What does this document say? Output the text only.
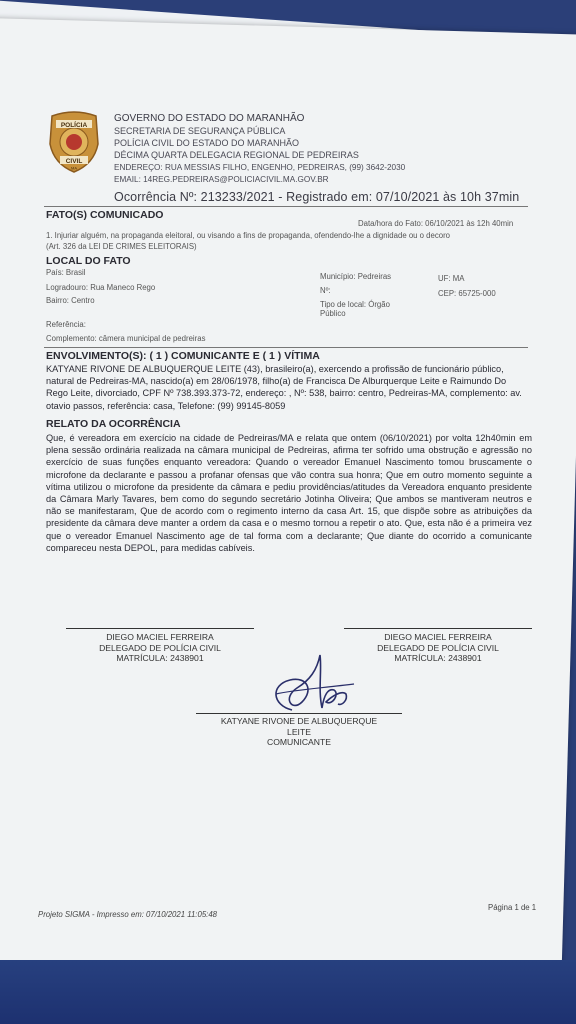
POLÍCIA
CIVIL
MA
GOVERNO DO ESTADO DO MARANHÃO
SECRETARIA DE SEGURANÇA PÚBLICA
POLÍCIA CIVIL DO ESTADO DO MARANHÃO
DÉCIMA QUARTA DELEGACIA REGIONAL DE PEDREIRAS
ENDEREÇO: RUA MESSIAS FILHO, ENGENHO, PEDREIRAS, (99) 3642-2030
EMAIL: 14REG.PEDREIRAS@POLICIACIVIL.MA.GOV.BR
Ocorrência Nº: 213233/2021 - Registrado em: 07/10/2021 às 10h 37min
FATO(S) COMUNICADO
Data/hora do Fato: 06/10/2021 às 12h 40min
1. Injuriar alguém, na propaganda eleitoral, ou visando a fins de propaganda, ofendendo-lhe a dignidade ou o decoro
(Art. 326 da LEI DE CRIMES ELEITORAIS)
LOCAL DO FATO
País: Brasil
Logradouro: Rua Maneco Rego
Bairro: Centro
Município: Pedreiras
Nº:
Tipo de local: Órgão
Público
UF: MA
CEP: 65725-000
Referência:
Complemento: câmera municipal de pedreiras
ENVOLVIMENTO(S): ( 1 ) COMUNICANTE E ( 1 ) VÍTIMA
KATYANE RIVONE DE ALBUQUERQUE LEITE (43), brasileiro(a), exercendo a profissão de funcionário público, natural de Pedreiras-MA, nascido(a) em 28/06/1978, filho(a) de Francisca De Alburquerque Leite e Raimundo Do Rego Leite, divorciado, CPF Nº 738.393.373-72, endereço: , Nº: 538, bairro: centro, Pedreiras-MA, complemento: av. otavio passos, referência: casa, Telefone: (99) 99145-8059
RELATO DA OCORRÊNCIA
Que, é vereadora em exercício na cidade de Pedreiras/MA e relata que ontem (06/10/2021) por volta 12h40min em plena sessão ordinária realizada na câmara municipal de Pedreiras, afirma ter sofrido uma obstrução e agressão no exercício de suas funções enquanto vereadora: Quando o vereador Emanuel Nascimento tomou bruscamente o microfone da declarante e passou a profanar ofensas que vão contra sua honra; Que em outro momento seguinte a vítima utilizou o microfone da presidente da câmara e pediu providências/atitudes da Vereadora enquanto presidente da Câmara Marly Tavares, bem como do segundo secretário Jotinha Oliveira; Que ambos se mantiveram neutros e não se manifestaram, Que de acordo com o regimento interno da casa Art. 15, que dispõe sobre as atribuições da presidente da câmara deve manter a ordem da casa e o mesmo tornou a repetir o ato. Que, esta não é a primeira vez que o vereador Emanuel Nascimento age de tal forma com a declarante; Que diante do ocorrido a comunicante compareceu nesta DEPOL, para medidas cabíveis.
DIEGO MACIEL FERREIRA
DELEGADO DE POLÍCIA CIVIL
MATRÍCULA: 2438901
DIEGO MACIEL FERREIRA
DELEGADO DE POLÍCIA CIVIL
MATRÍCULA: 2438901
KATYANE RIVONE DE ALBUQUERQUE
LEITE
COMUNICANTE
Projeto SIGMA - Impresso em: 07/10/2021 11:05:48
Página 1 de 1
